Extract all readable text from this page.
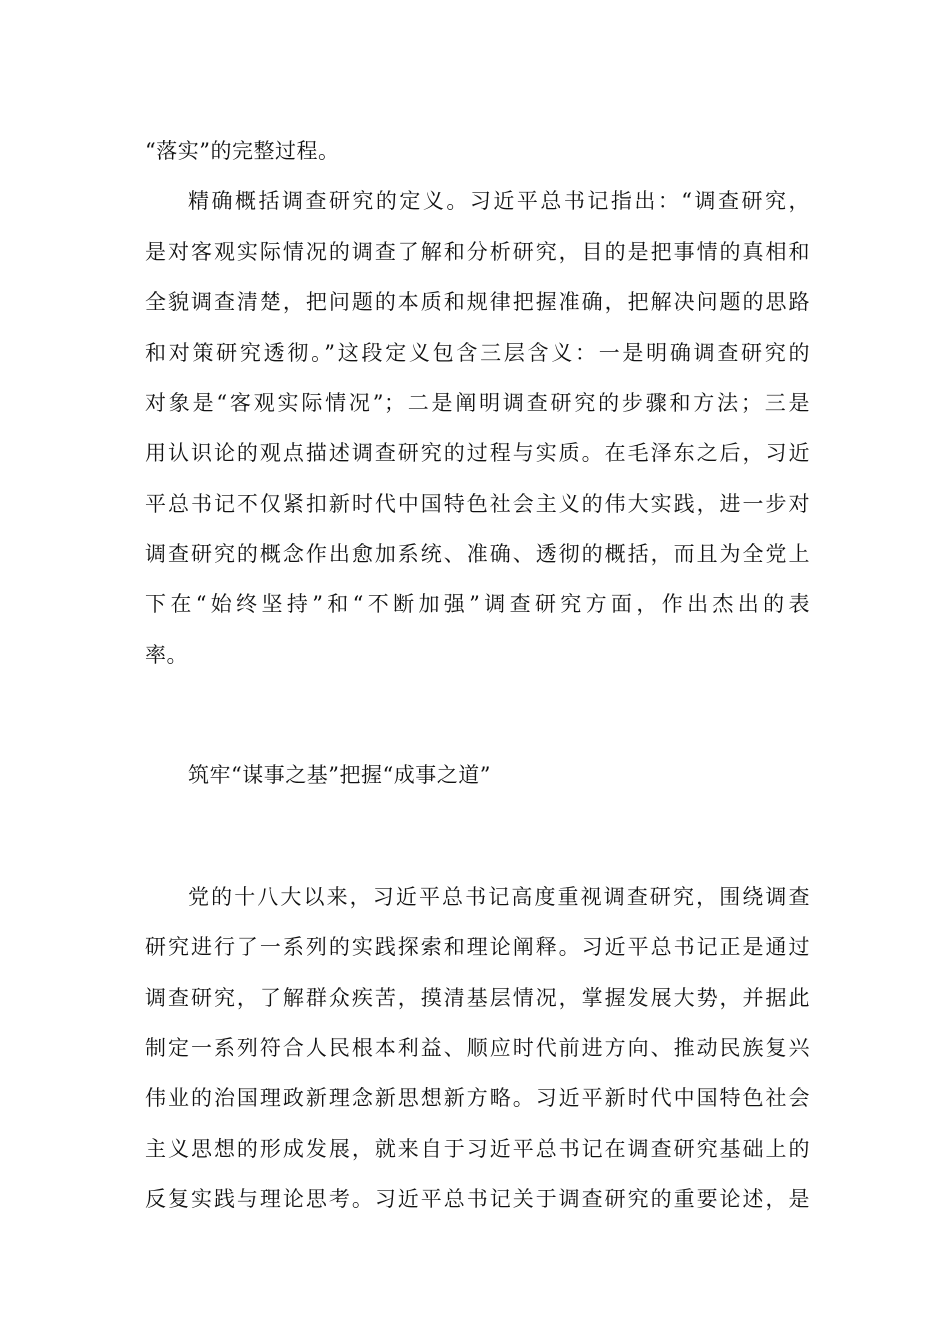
“落实”的完整过程。
精确概括调查研究的定义。习近平总书记指出：“调查研究，
是对客观实际情况的调查了解和分析研究，目的是把事情的真相和
全貌调查清楚，把问题的本质和规律把握准确，把解决问题的思路
和对策研究透彻。”这段定义包含三层含义：一是明确调查研究的
对象是“客观实际情况”；二是阐明调查研究的步骤和方法；三是
用认识论的观点描述调查研究的过程与实质。在毛泽东之后，习近
平总书记不仅紧扣新时代中国特色社会主义的伟大实践，进一步对
调查研究的概念作出愈加系统、准确、透彻的概括，而且为全党上
下在“始终坚持”和“不断加强”调查研究方面，作出杰出的表
率。
筑牢“谋事之基”把握“成事之道”
党的十八大以来，习近平总书记高度重视调查研究，围绕调查
研究进行了一系列的实践探索和理论阐释。习近平总书记正是通过
调查研究，了解群众疾苦，摸清基层情况，掌握发展大势，并据此
制定一系列符合人民根本利益、顺应时代前进方向、推动民族复兴
伟业的治国理政新理念新思想新方略。习近平新时代中国特色社会
主义思想的形成发展，就来自于习近平总书记在调查研究基础上的
反复实践与理论思考。习近平总书记关于调查研究的重要论述，是
